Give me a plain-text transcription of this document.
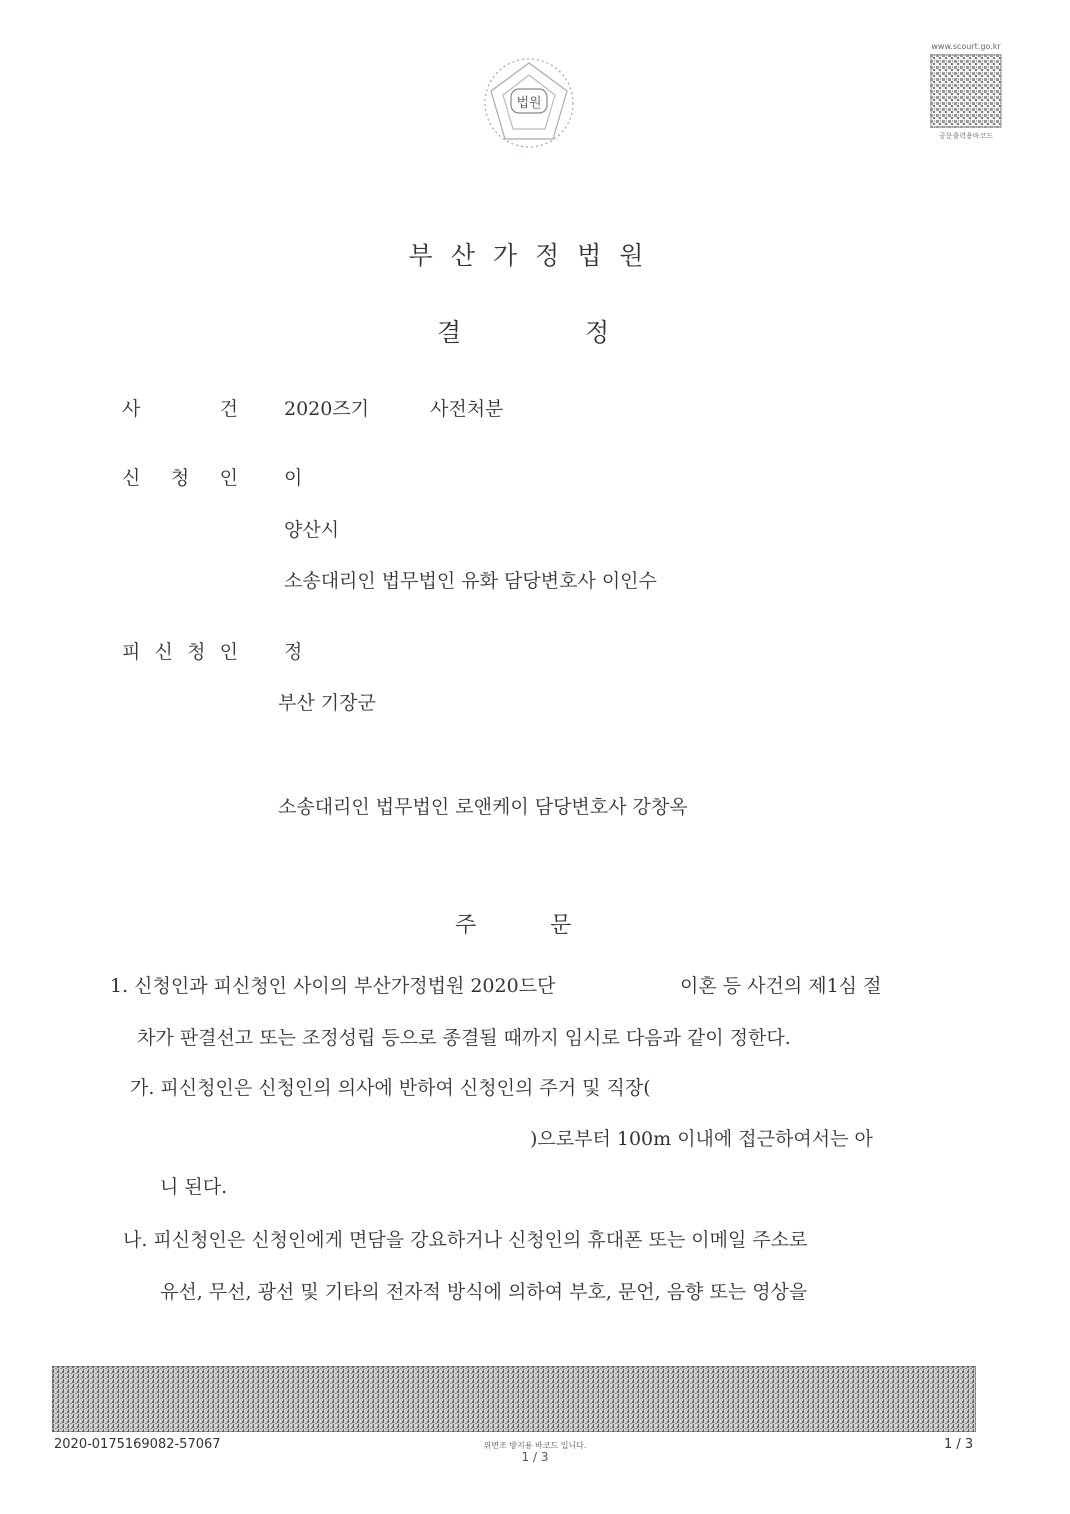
법원
www.scourt.go.kr
공문출력용바코드
부산가정법원
결	정
사	건 2020즈기	사전처분
신 청 인 이
양산시
소송대리인 법무법인 유화 담당변호사 이인수
피 신 청 인 정
부산 기장군
소송대리인 법무법인 로앤케이 담당변호사 강창옥
주	문
1. 신청인과 피신청인 사이의 부산가정법원 2020드단	이혼 등 사건의 제1심 절
차가 판결선고 또는 조정성립 등으로 종결될 때까지 임시로 다음과 같이 정한다.
가. 피신청인은 신청인의 의사에 반하여 신청인의 주거 및 직장(
)으로부터 100m 이내에 접근하여서는 아
니 된다.
나. 피신청인은 신청인에게 면담을 강요하거나 신청인의 휴대폰 또는 이메일 주소로
유선, 무선, 광선 및 기타의 전자적 방식에 의하여 부호, 문언, 음향 또는 영상을
2020-0175169082-57067	위변조 방지용 바코드 입니다.
1 / 3
1 / 3
